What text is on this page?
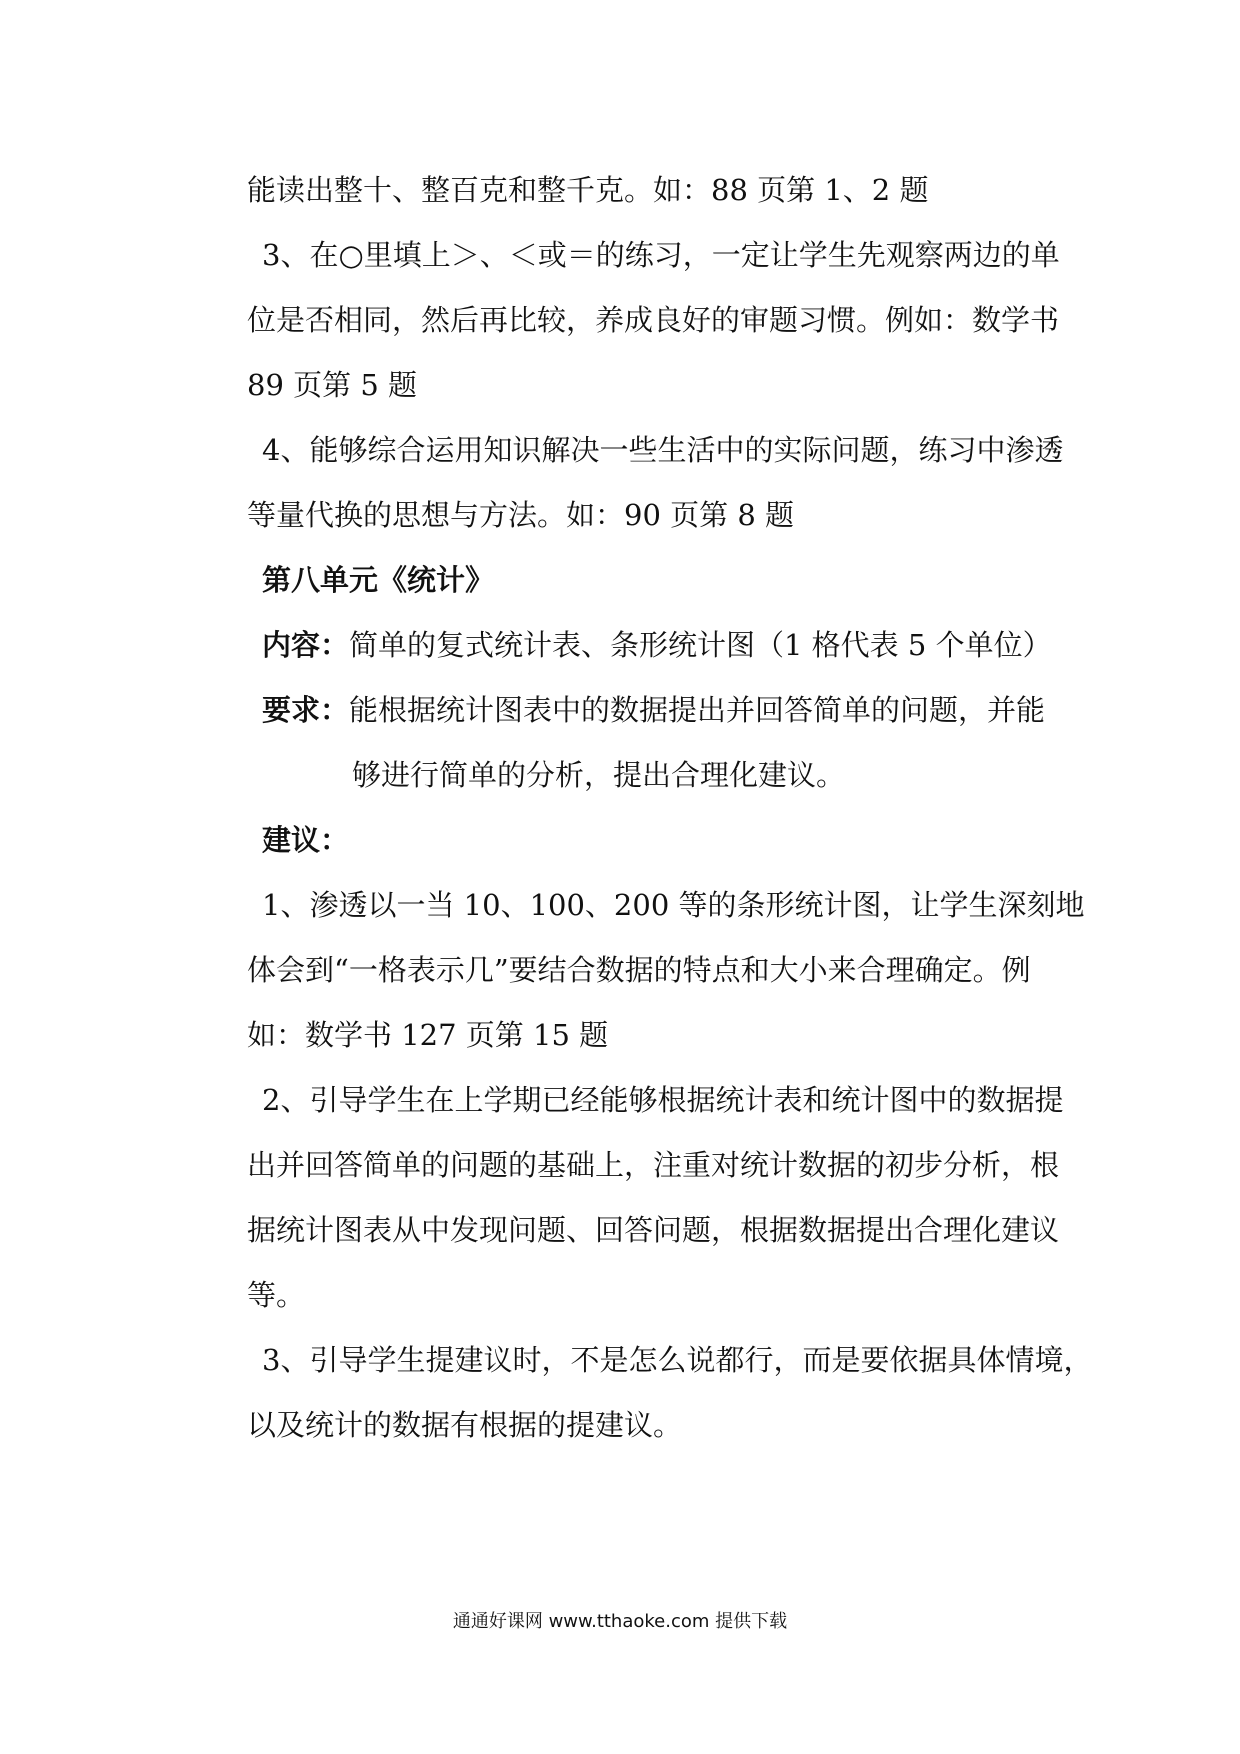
能读出整十、整百克和整千克。如：88 页第 1、2 题

3、在○里填上＞、＜或＝的练习，一定让学生先观察两边的单

位是否相同，然后再比较，养成良好的审题习惯。例如：数学书

89 页第 5 题

4、能够综合运用知识解决一些生活中的实际问题，练习中渗透

等量代换的思想与方法。如：90 页第 8 题

第八单元《统计》

内容：简单的复式统计表、条形统计图（1 格代表 5 个单位）

要求：能根据统计图表中的数据提出并回答简单的问题，并能

够进行简单的分析，提出合理化建议。

建议：

1、渗透以一当 10、100、200 等的条形统计图，让学生深刻地

体会到“一格表示几”要结合数据的特点和大小来合理确定。例

如：数学书 127 页第 15 题

2、引导学生在上学期已经能够根据统计表和统计图中的数据提

出并回答简单的问题的基础上，注重对统计数据的初步分析，根

据统计图表从中发现问题、回答问题，根据数据提出合理化建议

等。

3、引导学生提建议时，不是怎么说都行，而是要依据具体情境，

以及统计的数据有根据的提建议。

通通好课网 www.tthaoke.com 提供下载
